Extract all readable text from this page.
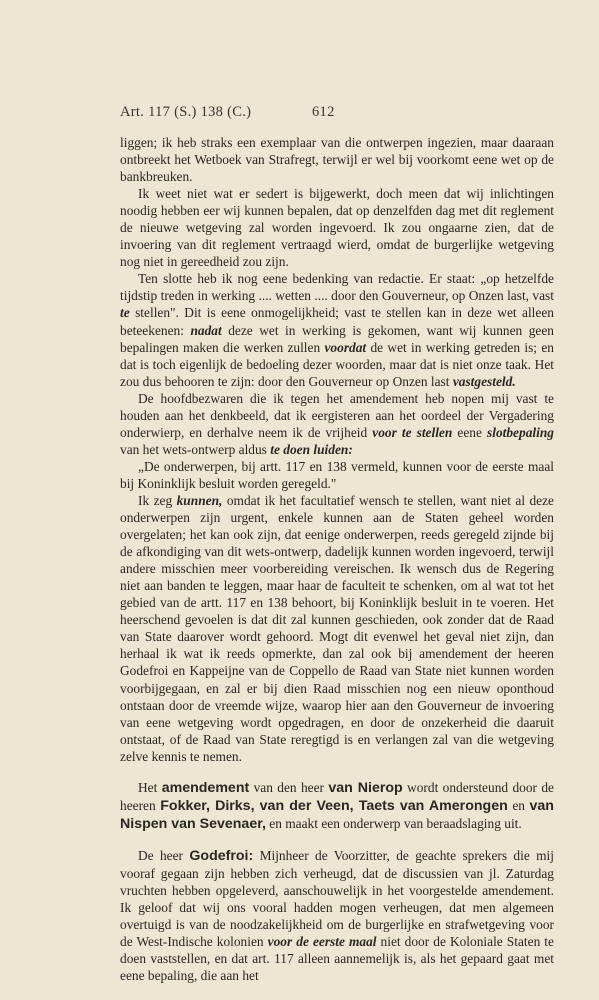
Art. 117 (S.) 138 (C.)	612

liggen; ik heb straks een exemplaar van die ontwerpen ingezien, maar daaraan ontbreekt het Wetboek van Strafregt, terwijl er wel bij voorkomt eene wet op de bankbreuken.

Ik weet niet wat er sedert is bijgewerkt, doch meen dat wij inlichtingen noodig hebben eer wij kunnen bepalen, dat op denzelfden dag met dit reglement de nieuwe wetgeving zal worden ingevoerd. Ik zou ongaarne zien, dat de invoering van dit reglement vertraagd wierd, omdat de burgerlijke wetgeving nog niet in gereedheid zou zijn.

Ten slotte heb ik nog eene bedenking van redactie. Er staat: „op hetzelfde tijdstip treden in werking .... wetten .... door den Gouverneur, op Onzen last, vast te stellen". Dit is eene onmogelijkheid; vast te stellen kan in deze wet alleen beteekenen: nadat deze wet in werking is gekomen, want wij kunnen geen bepalingen maken die werken zullen voordat de wet in werking getreden is; en dat is toch eigenlijk de bedoeling dezer woorden, maar dat is niet onze taak. Het zou dus behooren te zijn: door den Gouverneur op Onzen last vastgesteld.

De hoofdbezwaren die ik tegen het amendement heb nopen mij vast te houden aan het denkbeeld, dat ik eergisteren aan het oordeel der Vergadering onderwierp, en derhalve neem ik de vrijheid voor te stellen eene slotbepaling van het wets-ontwerp aldus te doen luiden:

„De onderwerpen, bij artt. 117 en 138 vermeld, kunnen voor de eerste maal bij Koninklijk besluit worden geregeld."

Ik zeg kunnen, omdat ik het facultatief wensch te stellen, want niet al deze onderwerpen zijn urgent, enkele kunnen aan de Staten geheel worden overgelaten; het kan ook zijn, dat eenige onderwerpen, reeds geregeld zijnde bij de afkondiging van dit wets-ontwerp, dadelijk kunnen worden ingevoerd, terwijl andere misschien meer voorbereiding vereischen. Ik wensch dus de Regering niet aan banden te leggen, maar haar de faculteit te schenken, om al wat tot het gebied van de artt. 117 en 138 behoort, bij Koninklijk besluit in te voeren. Het heerschend gevoelen is dat dit zal kunnen geschieden, ook zonder dat de Raad van State daarover wordt gehoord. Mogt dit evenwel het geval niet zijn, dan herhaal ik wat ik reeds opmerkte, dan zal ook bij amendement der heeren Godefroi en Kappeijne van de Coppello de Raad van State niet kunnen worden voorbijgegaan, en zal er bij dien Raad misschien nog een nieuw oponthoud ontstaan door de vreemde wijze, waarop hier aan den Gouverneur de invoering van eene wetgeving wordt opgedragen, en door de onzekerheid die daaruit ontstaat, of de Raad van State reregtigd is en verlangen zal van die wetgeving zelve kennis te nemen.

Het amendement van den heer van Nierop wordt ondersteund door de heeren Fokker, Dirks, van der Veen, Taets van Amerongen en van Nispen van Sevenaer, en maakt een onderwerp van beraadslaging uit.

De heer Godefroi: Mijnheer de Voorzitter, de geachte sprekers die mij vooraf gegaan zijn hebben zich verheugd, dat de discussien van jl. Zaturdag vruchten hebben opgeleverd, aanschouwelijk in het voorgestelde amendement. Ik geloof dat wij ons vooral hadden mogen verheugen, dat men algemeen overtuigd is van de noodzakelijkheid om de burgerlijke en strafwetgeving voor de West-Indische kolonien voor de eerste maal niet door de Koloniale Staten te doen vaststellen, en dat art. 117 alleen aannemelijk is, als het gepaard gaat met eene bepaling, die aan het
